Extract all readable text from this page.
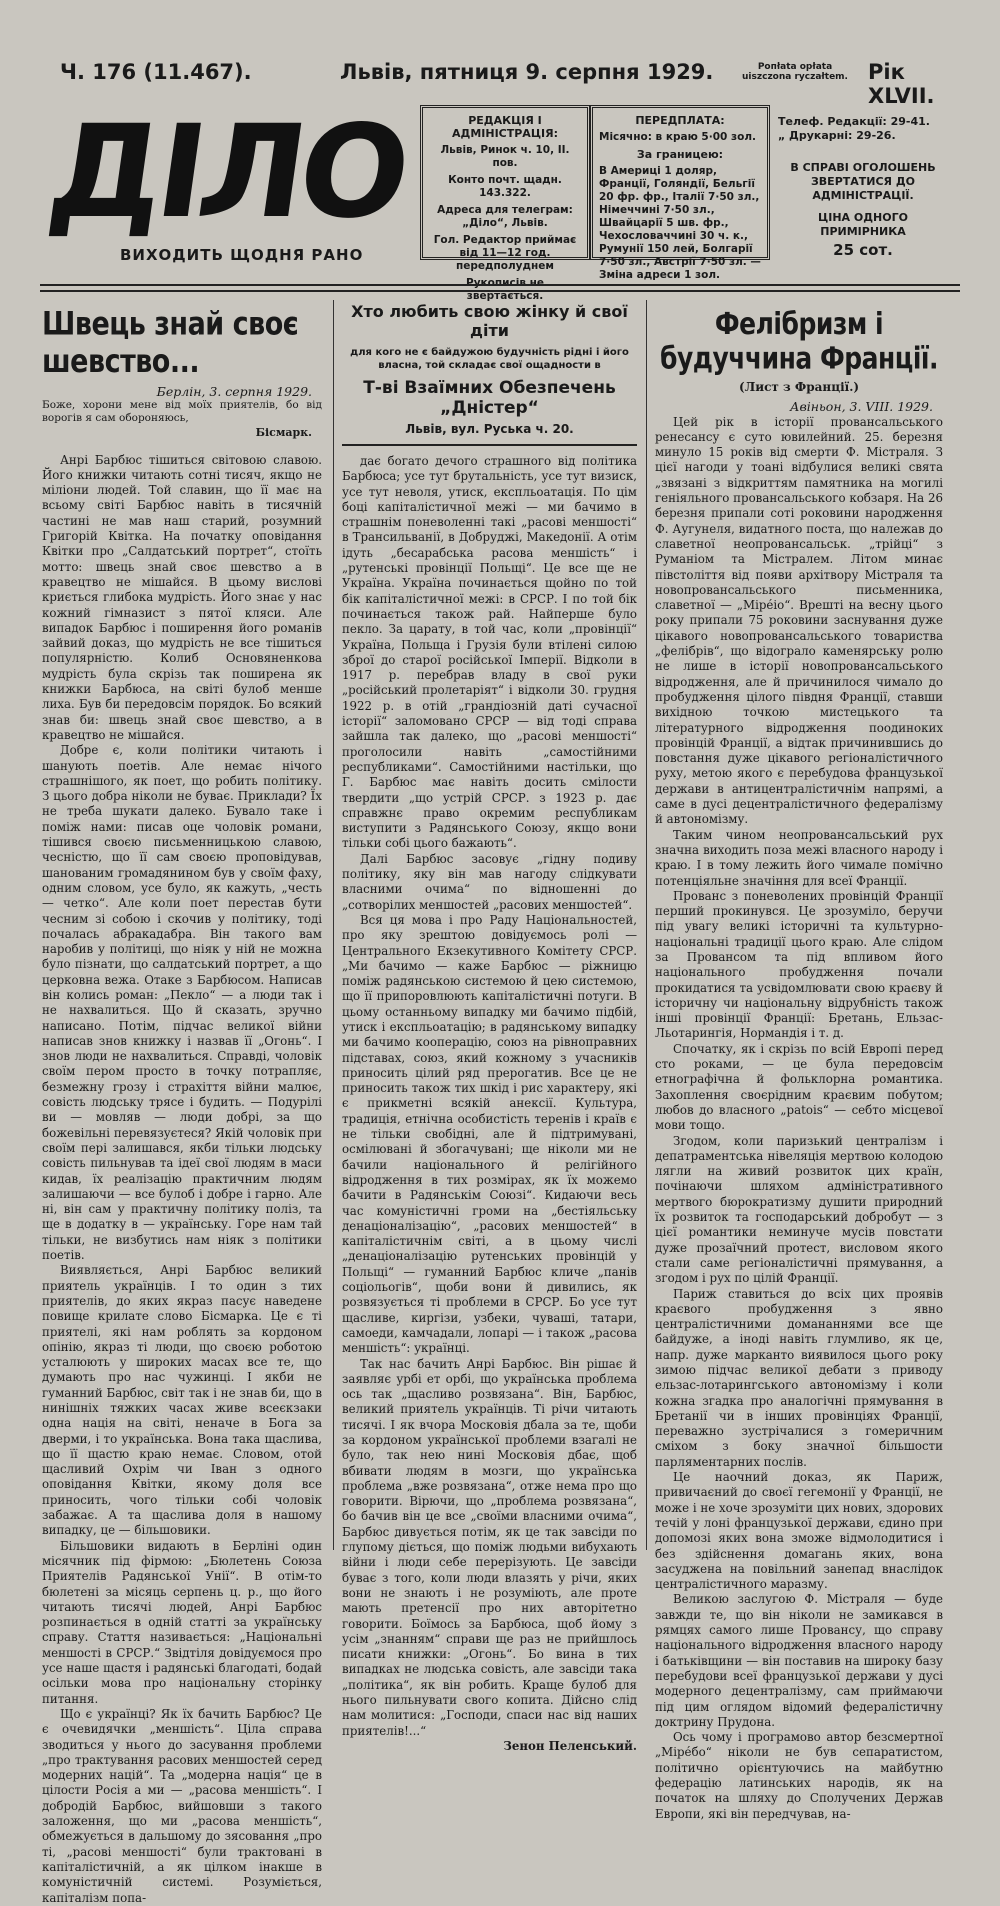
Ч. 176 (11.467).	Львів, пятниця 9. серпня 1929.	Рoпłаtа оpłаtа uiszczona ryczałtem. Рік XLVII.
ДІЛО
ВИХОДИТЬ ЩОДНЯ РАНО

РЕДАКЦІЯ І АДМІНІСТРАЦІЯ:

Львів, Ринок ч. 10, II. пов.

Конто почт. щадн. 143.322.

Адреса для телеграм: „Діло“, Львів.

Гол. Редактор приймає від 11—12 год. передполуднем

Рукописів не звертається.

ПЕРЕДПЛАТА:

Місячно: в краю 5·00 зол.

За границею:

В Америці 1 доляр, Франції, Голяндії, Бельгії 20 фр. фр., Італії 7·50 зл., Німеччині 7·50 зл., Швайцарії 5 шв. фр., Чехословаччині 30 ч. к., Румунії 150 лей, Болгарії 7·50 зл., Австрії 7·50 зл. — Зміна адреси 1 зол.

Телеф. Редакції: 29-41.
„ Друкарні: 29-26.
В СПРАВІ ОГОЛОШЕНЬ ЗВЕРТАТИСЯ ДО АДМІНІСТРАЦІЇ.
ЦІНА ОДНОГО ПРИМІРНИКА
25 сот.
Швець знай своє шевство...
Берлін, 3. серпня 1929.

Боже, хорони мене від моїх приятелів, бо від ворогів я сам обороняюсь,

Бісмарк.

Анрі Барбюс тішиться світовою славою. Його книжки читають сотні тисяч, якщо не міліони людей. Той славин, що її має на всьому світі Барбюс навіть в тисячній частині не мав наш старий, розумний Григорій Квітка. На початку оповідання Квітки про „Салдатський портрет“, стоїть мотто: швець знай своє шевство а в кравецтво не мішайся. В цьому вислові криється глибока мудрість. Його знає у нас кожний гімназист з пятої кляси. Але випадок Барбюс і поширення його романів зайвий доказ, що мудрість не все тішиться популярністю. Колиб Основяненкова мудрість була скрізь так поширена як книжки Барбюса, на світі булоб менше лиха. Був би передовсім порядок. Бо всякий знав би: швець знай своє шевство, а в кравецтво не мішайся.

Добре є, коли політики читають і шанують поетів. Але немає нічого страшнішого, як поет, що робить політику. З цього добра ніколи не буває. Приклади? Їх не треба шукати далеко. Бувало таке і поміж нами: писав оце чоловік романи, тішився своєю письменницькою славою, чесністю, що її сам своєю проповідував, шанованим громадянином був у своїм фаху, одним словом, усе було, як кажуть, „честь — четко“. Але коли поет перестав бути чесним зі собою і скочив у політику, тоді почалась абракадабра. Він такого вам наробив у політиці, що ніяк у ній не можна було пізнати, що салдатський портрет, а що церковна вежа. Отаке з Барбюсом. Написав він колись роман: „Пекло“ — а люди так і не нахвалиться. Що й сказать, зручно написано. Потім, підчас великої війни написав знов книжку і назвав її „Огонь“. І знов люди не нахвалиться. Справді, чоловік своїм пером просто в точку потрапляє, безмежну грозу і страхіття війни малює, совість людську трясе і будить. — Подурілі ви — мовляв — люди добрі, за що божевільні перевязуєтеся? Якій чоловік при своїм пері залишався, якби тільки людську совість пильнував та ідеї свої людям в маси кидав, їх реалізацію практичним людям залишаючи — все булоб і добре і гарно. Але ні, він сам у практичну політику поліз, та ще в додатку в — українську. Горе нам тай тільки, не визбутись нам ніяк з політики поетів.

Виявляється, Анрі Барбюс великий приятель українців. І то один з тих приятелів, до яких якраз пасує наведене повище крилате слово Бісмарка. Це є ті приятелі, які нам роблять за кордоном опінію, якраз ті люди, що своєю роботою усталюють у широких масах все те, що думають про нас чужинці. І якби не гуманний Барбюс, світ так і не знав би, що в нинішніх тяжких часах живе всеєкзаки одна нація на світі, неначе в Бога за дверми, і то українська. Вона така щаслива, що її щастю крaю немає. Словом, отой щасливий Охрім чи Іван з одного оповідання Квітки, якому доля все приносить, чого тільки собі чоловік забажає. А та щаслива доля в нашому випадку, це — більшовики.

Більшовики видають в Берліні один місячник під фірмою: „Бюлетень Союза Приятелів Радянської Унії“. В отім-то бюлетені за місяць серпень ц. р., що його читають тисячі людей, Анрі Барбюс розпинається в одній статті за українську справу. Стаття називається: „Національні меншості в СРСР.“ Звідтіля довідуємося про усе наше щастя і радянські благодаті, бодай осільки мова про національну сторінку питання.

Що є українці? Як їх бачить Барбюс? Це є очевидячки „меншість“. Ціла справа зводиться у нього до засування проблеми „про трактування расових меншостей серед модерних націй“. Та „модерна нація“ це в цілости Росія а ми — „расова меншість“. І добродій Барбюс, вийшовши з такого заложення, що ми „расова меншість“, обмежується в дальшому до зясовання „про ті, „расові меншості“ були трактовані в капіталістичній, а як цілком інакше в комуністичній системі. Розуміється, капіталізм попа-

Хто любить свою жінку й свої діти
для кого не є байдужою будучність рідні і його власна, той складає свої ощадности в
Т-ві Взаїмних Обезпечень „Дністер“
Львів, вул. Руська ч. 20.

дає богато дечого страшного від політика Барбюса; усе тут брутальність, усе тут визиск, усе тут неволя, утиск, експльоатація. По цім боці капіталістичної межі — ми бачимо в страшнім поневоленні такі „расові меншості“ в Трансильванії, в Добруджі, Македонії. А отім ідуть „бесарабська расова меншість“ і „рутенські провінції Польщі“. Це все ще не Україна. Україна починається щойно по той бік капіталістичної межі: в СРСР. І по той бік починається також рай. Найперше було пекло. За царату, в той час, коли „провінції“ Україна, Польща і Грузія були втілені силою зброї до старої російської Імперії. Відколи в 1917 р. перебрав владу в свої руки „російський пролетаріят“ і відколи 30. грудня 1922 р. в отій „грандіозній даті сучасної історії“ заломовано СРСР — від тоді справа зайшла так далеко, що „расові меншості“ проголосили навіть „самостійними республиками“. Самостійними настільки, що Г. Барбюс має навіть досить смілости твердити „що устрій СРСР. з 1923 р. дає справжнє право окремим республикам виступити з Радянського Союзу, якщо вони тільки собі цього бажають“.

Далі Барбюс засовує „гідну подиву політику, яку він мав нагоду слідкувати власними очима“ по відношенні до „сотворілих меншостей „расових меншостей“.

Вся ця мова і про Раду Національностей, про яку зрештою довідуємось ролі — Центрального Екзекутивного Комітету СРСР. „Ми бачимо — каже Барбюс — ріжницю поміж радянською системою й цею системою, що її припоровлюють капіталістичні потуги. В цьому останньому випадку ми бачимо підбій, утиск і експльоатацію; в радянському випадку ми бачимо кооперацію, союз на рівноправних підставах, союз, який кожному з учасників приносить цілий ряд прерогатив. Все це не приносить також тих шкід і рис характеру, які є прикметні всякій анексії. Культура, традиція, етнічна особистість теренів і країв є не тільки свобідні, але й підтримувані, осмілювані й збогачувані; ще ніколи ми не бачили національного й релігійного відродження в тих розмірах, як їх можемо бачити в Радянськім Союзі“. Кидаючи весь час комуністичні громи на „бестіяльську денаціоналізацію“, „расових меншостей“ в капіталістичнім світі, а в цьому числі „денаціоналізацію рутенських провінцій у Польщі“ — гуманний Барбюс кличе „панів соціольогів“, щоби вони й дивились, як розвязується ті проблеми в СРСР. Бо усе тут щасливе, киргізи, узбеки, чуваші, татари, самоеди, камчадали, лопарі — і також „расова меншість“: українці.

Так нас бачить Анрі Барбюс. Він рішає й заявляє урбі ет орбі, що українська проблема ось так „щасливо розвязана“. Він, Барбюс, великий приятель українців. Ті річи читають тисячі. І як вчора Московія дбала за те, щоби за кордоном української проблеми взагалі не було, так нею нині Московія дбає, щоб вбивати людям в мозги, що українська проблема „вже розвязана“, отже нема про що говорити. Вірючи, що „проблема розвязана“, бо бачив він це все „своїми власними очима“, Барбюс дивується потім, як це так завсіди по глупому діється, що поміж людьми вибухають війни і люди себе перерізують. Це завсіди буває з того, коли люди влазять у річи, яких вони не знають і не розуміють, але проте мають претенсії про них авторітетно говорити. Боїмось за Барбюса, щоб йому з усім „знанням“ справи ще раз не прийшлось писати книжки: „Огонь“. Бо вина в тих випадках не людська совість, але завсіди така „політика“, як він робить. Краще булоб для нього пильнувати свого копита. Дійсно слід нам молитися: „Господи, спаси нас від наших приятелів!...“

Зенон Пеленський.

Фелібризм і будуччина Франції.
(Лист з Франції.)
Авіньон, 3. VIII. 1929.

Цей рік в історії провансальського ренесансу є суто ювилейний. 25. березня минуло 15 років від смерти Ф. Містраля. З цієї нагоди у тоані відбулися великі свята „звязані з відкриттям памятника на могилі геніяльного провансальського кобзаря. На 26 березня припали сoті роковини народження Ф. Аугунеля, видатного поста, що належав до славетної неопровансальськ. „трійці“ з Руманіом та Містралем. Літом минає півстоліття від появи архітвору Містраля та новопровансальського письменника, славетної — „Мірéіо“. Врешті на весну цього року припали 75 роковини заснування дуже цікавого новопровансальського товариства „фелібрів“, що відограло каменярську ролю не лише в історії новопровансальського відродження, але й причинилося чимало до пробудження цілого півдня Франції, ставши вихідною точкою мистецького та літературного відродження поодиноких провінцій Франції, а відтак причинившись до повстання дуже цікавого регіоналістичного руху, метою якого є перебудова французької держави в антицентралістичнім напрямі, а саме в дусі децентралістичного федералізму й автономізму.

Таким чином неопровансальський рух значна виходить поза межі власного народу і краю. І в тому лежить його чимале помічно потенціяльне значіння для всеї Франції.

Прованс з поневолених провінцій Франції перший прокинувся. Це зрозуміло, беручи під увагу великі історичні та культурно-національні традиції цього краю. Але слідом за Провансом та під впливом його національного пробудження почали прокидатися та усвідомлювати свою краєву й історичну чи національну відрубність також інші провінції Франції: Бретань, Ельзас-Льотарингія, Нормандія і т. д.

Спочатку, як і скрізь по всій Европі перед сто роками, — це була передовсім етнографічна й фольклорна романтика. Захоплення своєрідним краєвим побутом; любов до власного „patois“ — себто місцевої мови тощо.

Згодом, коли паризький централізм і депатраментська нівеляція мертвою колодою лягли на живий розвиток цих країн, почінаючи шляхом адміністративного мертвого бюрократизму душити природний їх розвиток та господарський добробут — з цієї романтики неминуче мусів повстати дуже прозаїчний протест, висловом якого стали саме регіоналістичні прямування, а згодом і рух по цілій Франції.

Париж ставиться до всіх цих проявів краєвого пробудження з явно централістичними домананнями все ще байдуже, а іноді навіть глумливо, як це, напр. дуже марканто виявилося цього року зимою підчас великої дебати з приводу ельзас-лотарингського автономізму і коли кожна згадка про аналогічні прямування в Бретанії чи в інших провінціях Франції, переважно зустрічалися з гомеричним сміхом з боку значної більшости парляментарних послів.

Це наочний доказ, як Париж, привичаєний до своєї гегемонії у Франції, не може і не хоче зрозуміти цих нових, здорових течій у лоні французької держави, єдино при допомозі яких вона зможе відмолодитися і без здійснення домагань яких, вона засуджена на повільний занепад внаслідок централістичного маразму.

Великою заслугою Ф. Містраля — буде завжди те, що він ніколи не замикався в рямцях самого лише Провансу, що справу національного відродження власного народу і батьківщини — він поставив на широку базу перебудови всеї французької держави у дусі модерного децентралізму, сам приймаючи під цим оглядом відомий федералістичну доктрину Прудона.

Ось чому і програмово автор безсмертної „Мірéбо“ ніколи не був сепаратистом, політично орієнтуючись на майбутню федерацію латинських народів, як на початок на шляху до Сполучених Держав Европи, які він передчував, на-
